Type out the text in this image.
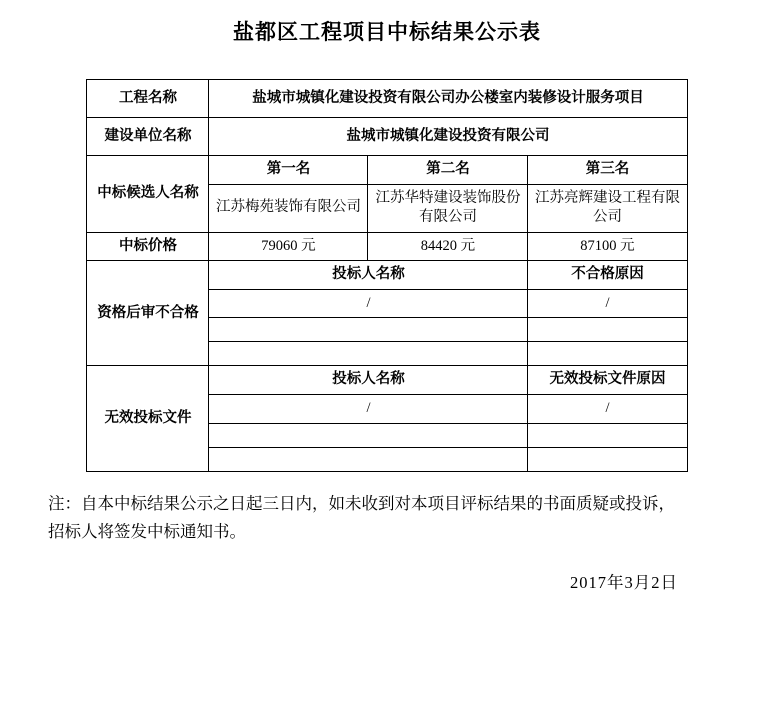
盐都区工程项目中标结果公示表
工程名称	盐城市城镇化建设投资有限公司办公楼室内装修设计服务项目		
建设单位名称	盐城市城镇化建设投资有限公司		
中标候选人名称	第一名	第二名	第三名
	江苏梅苑装饰有限公司	江苏华特建设装饰股份有限公司	江苏亮辉建设工程有限公司
中标价格	79060 元	84420 元	87100 元
资格后审不合格	投标人名称		不合格原因
	/		/

无效投标文件	投标人名称		无效投标文件原因
	/		/

注：自本中标结果公示之日起三日内，如未收到对本项目评标结果的书面质疑或投诉，
招标人将签发中标通知书。
2017年3月2日
